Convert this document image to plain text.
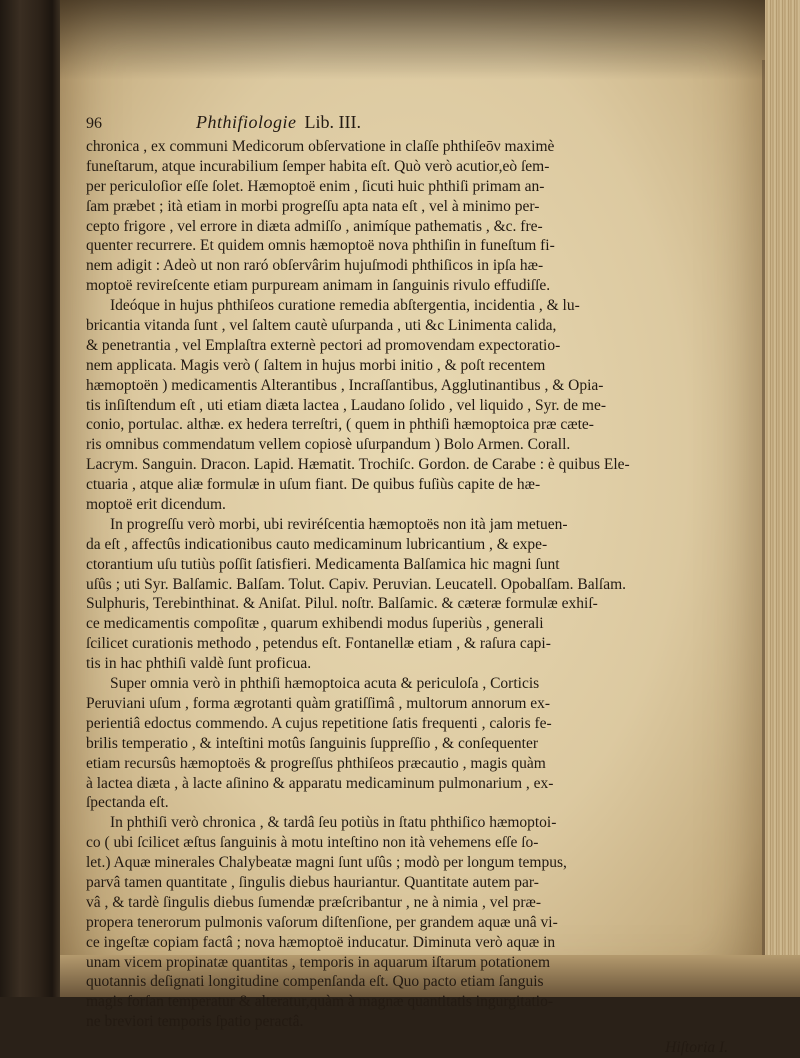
96	Phthifiologie Lib. III.
chronica , ex communi Medicorum obſervatione in claſſe phthiſeōν maximè
funeſtarum, atque incurabilium ſemper habita eſt. Quò verò acutior,eò ſem-
per periculoſior eſſe ſolet. Hæmoptoë enim , ſicuti huic phthiſi primam an-
ſam præbet ; ità etiam in morbi progreſſu apta nata eſt , vel à minimo per-
cepto frigore , vel errore in diæta admiſſo , animíque pathematis , &c. fre-
quenter recurrere. Et quidem omnis hæmoptoë nova phthiſin in funeſtum fi-
nem adigit : Adeò ut non raró obſervârim hujuſmodi phthiſicos in ipſa hæ-
moptoë revireſcente etiam purpuream animam in ſanguinis rivulo effudiſſe.
Ideóque in hujus phthiſeos curatione remedia abſtergentia, incidentia , & lu-
bricantia vitanda ſunt , vel ſaltem cautè uſurpanda , uti &c Linimenta calida,
& penetrantia , vel Emplaſtra externè pectori ad promovendam expectoratio-
nem applicata. Magis verò ( ſaltem in hujus morbi initio , & poſt recentem
hæmoptoën ) medicamentis Alterantibus , Incraſſantibus, Agglutinantibus , & Opia-
tis inſiſtendum eſt , uti etiam diæta lactea , Laudano ſolido , vel liquido , Syr. de me-
conio, portulac. althæ. ex hedera terreſtri, ( quem in phthiſi hæmoptoica præ cæte-
ris omnibus commendatum vellem copiosè uſurpandum ) Bolo Armen. Corall.
Lacrym. Sanguin. Dracon. Lapid. Hæmatit. Trochiſc. Gordon. de Carabe : è quibus Ele-
ctuaria , atque aliæ formulæ in uſum fiant. De quibus fuſiùs capite de hæ-
moptoë erit dicendum.
In progreſſu verò morbi, ubi reviréſcentia hæmoptoës non ità jam metuen-
da eſt , affectûs indicationibus cauto medicaminum lubricantium , & expe-
ctorantium uſu tutiùs poſſit ſatisfieri. Medicamenta Balſamica hic magni ſunt
uſûs ; uti Syr. Balſamic. Balſam. Tolut. Capiv. Peruvian. Leucatell. Opobalſam. Balſam.
Sulphuris, Terebinthinat. & Aniſat. Pilul. noſtr. Balſamic. & cæteræ formulæ exhiſ-
ce medicamentis compoſitæ , quarum exhibendi modus ſuperiùs , generali
ſcilicet curationis methodo , petendus eſt. Fontanellæ etiam , & raſura capi-
tis in hac phthiſi valdè ſunt proficua.
Super omnia verò in phthiſi hæmoptoica acuta & periculoſa , Corticis
Peruviani uſum , forma ægrotanti quàm gratiſſimâ , multorum annorum ex-
perientiâ edoctus commendo. A cujus repetitione ſatis frequenti , caloris fe-
brilis temperatio , & inteſtini motûs ſanguinis ſuppreſſio , & conſequenter
etiam recursûs hæmoptoës & progreſſus phthiſeos præcautio , magis quàm
à lactea diæta , à lacte aſinino & apparatu medicaminum pulmonarium , ex-
ſpectanda eſt.
In phthiſi verò chronica , & tardâ ſeu potiùs in ſtatu phthiſico hæmoptoi-
co ( ubi ſcilicet æſtus ſanguinis à motu inteſtino non ità vehemens eſſe ſo-
let.) Aquæ minerales Chalybeatæ magni ſunt uſûs ; modò per longum tempus,
parvâ tamen quantitate , ſingulis diebus hauriantur. Quantitate autem par-
vâ , & tardè ſingulis diebus ſumendæ præſcribantur , ne à nimia , vel præ-
propera tenerorum pulmonis vaſorum diſtenſione, per grandem aquæ unâ vi-
ce ingeſtæ copiam factâ ; nova hæmoptoë inducatur. Diminuta verò aquæ in
unam vicem propinatæ quantitas , temporis in aquarum iſtarum potationem
quotannis deſignati longitudine compenſanda eſt. Quo pacto etiam ſanguis
magis forſan temperatur & alteratur,quàm à magnæ quantitatis ingurgitatio-
ne breviori temporis ſpatio peractâ.
Hiſtoria I.
